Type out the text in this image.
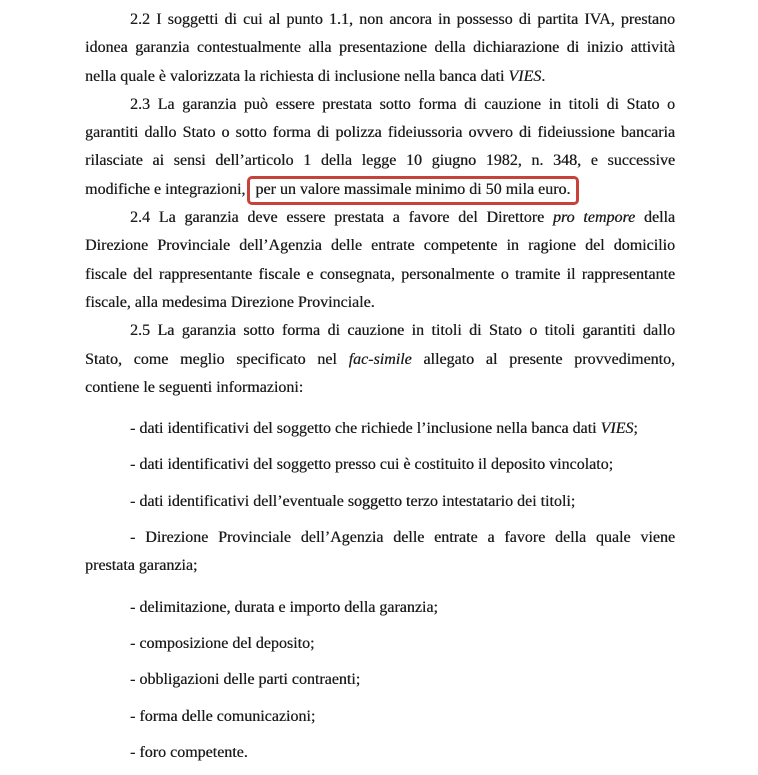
2.2 I soggetti di cui al punto 1.1, non ancora in possesso di partita IVA, prestano
idonea garanzia contestualmente alla presentazione della dichiarazione di inizio attività
nella quale è valorizzata la richiesta di inclusione nella banca dati VIES.
2.3 La garanzia può essere prestata sotto forma di cauzione in titoli di Stato o
garantiti dallo Stato o sotto forma di polizza fideiussoria ovvero di fideiussione bancaria
rilasciate ai sensi dell’articolo 1 della legge 10 giugno 1982, n. 348, e successive
modifiche e integrazioni, per un valore massimale minimo di 50 mila euro.
2.4 La garanzia deve essere prestata a favore del Direttore pro tempore della
Direzione Provinciale dell’Agenzia delle entrate competente in ragione del domicilio
fiscale del rappresentante fiscale e consegnata, personalmente o tramite il rappresentante
fiscale, alla medesima Direzione Provinciale.
2.5 La garanzia sotto forma di cauzione in titoli di Stato o titoli garantiti dallo
Stato, come meglio specificato nel fac-simile allegato al presente provvedimento,
contiene le seguenti informazioni:
- dati identificativi del soggetto che richiede l’inclusione nella banca dati VIES;
- dati identificativi del soggetto presso cui è costituito il deposito vincolato;
- dati identificativi dell’eventuale soggetto terzo intestatario dei titoli;
- Direzione Provinciale dell’Agenzia delle entrate a favore della quale viene
prestata garanzia;
- delimitazione, durata e importo della garanzia;
- composizione del deposito;
- obbligazioni delle parti contraenti;
- forma delle comunicazioni;
- foro competente.
